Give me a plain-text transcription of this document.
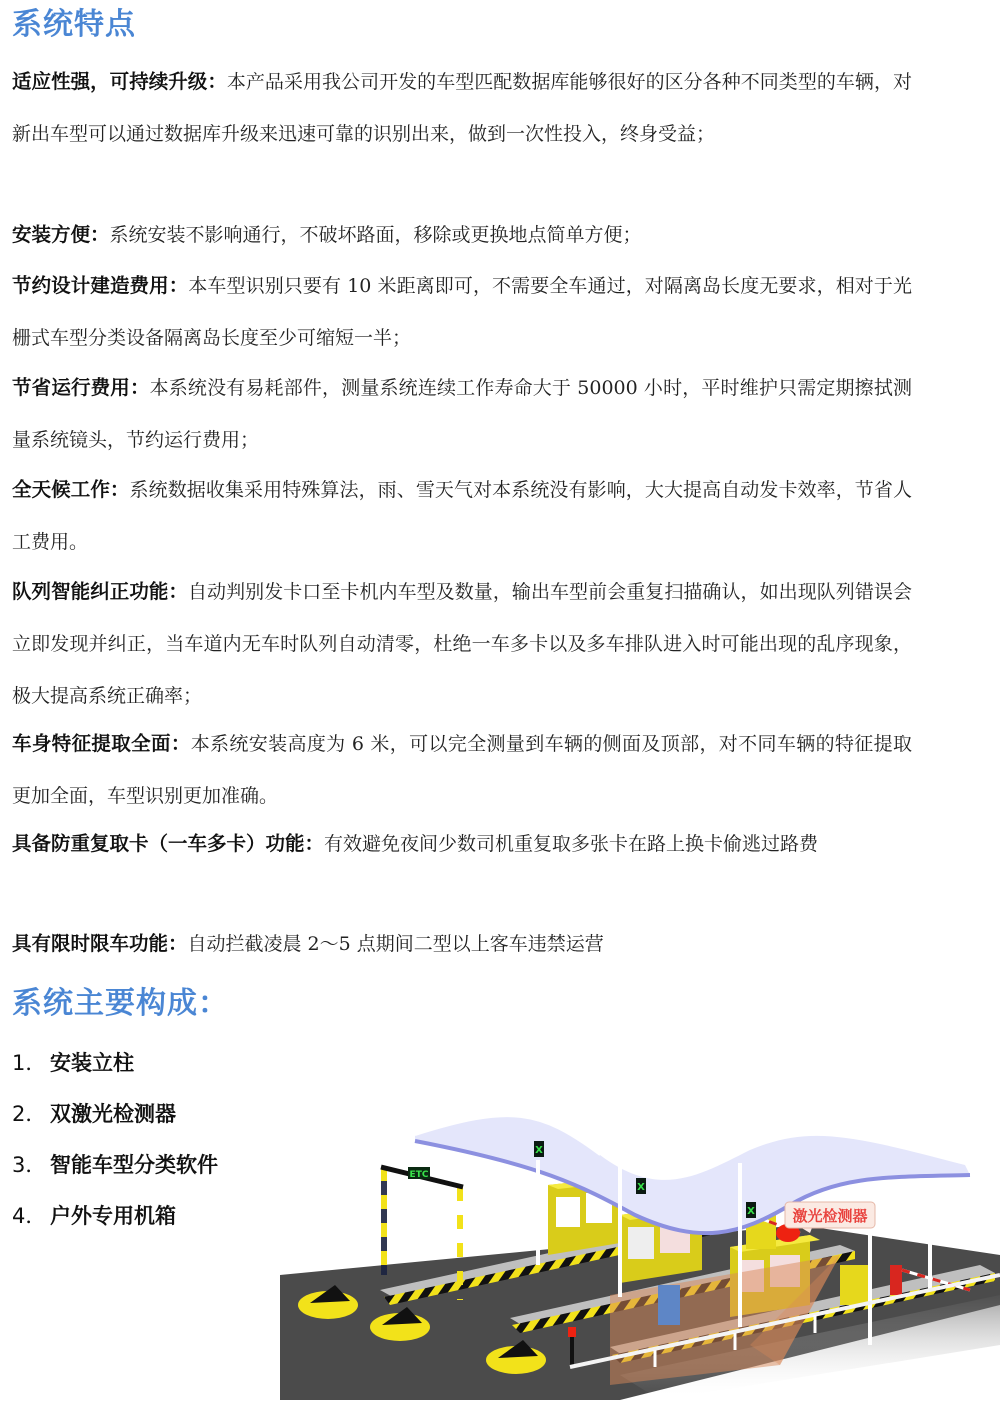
系统特点
适应性强，可持续升级：本产品采用我公司开发的车型匹配数据库能够很好的区分各种不同类型的车辆，对新出车型可以通过数据库升级来迅速可靠的识别出来，做到一次性投入，终身受益；
安装方便：系统安装不影响通行，不破坏路面，移除或更换地点简单方便；
节约设计建造费用：本车型识别只要有 10 米距离即可，不需要全车通过，对隔离岛长度无要求，相对于光栅式车型分类设备隔离岛长度至少可缩短一半；
节省运行费用：本系统没有易耗部件，测量系统连续工作寿命大于 50000 小时，平时维护只需定期擦拭测量系统镜头，节约运行费用；
全天候工作：系统数据收集采用特殊算法，雨、雪天气对本系统没有影响，大大提高自动发卡效率，节省人工费用。
队列智能纠正功能：自动判别发卡口至卡机内车型及数量，输出车型前会重复扫描确认，如出现队列错误会立即发现并纠正，当车道内无车时队列自动清零，杜绝一车多卡以及多车排队进入时可能出现的乱序现象，极大提高系统正确率；
车身特征提取全面：本系统安装高度为 6 米，可以完全测量到车辆的侧面及顶部，对不同车辆的特征提取更加全面，车型识别更加准确。
具备防重复取卡（一车多卡）功能：有效避免夜间少数司机重复取多张卡在路上换卡偷逃过路费
具有限时限车功能：自动拦截凌晨 2～5 点期间二型以上客车违禁运营
系统主要构成：
1． 安装立柱
2． 双激光检测器
3． 智能车型分类软件
4． 户外专用机箱
ETC
X
X
X	激光检测器
